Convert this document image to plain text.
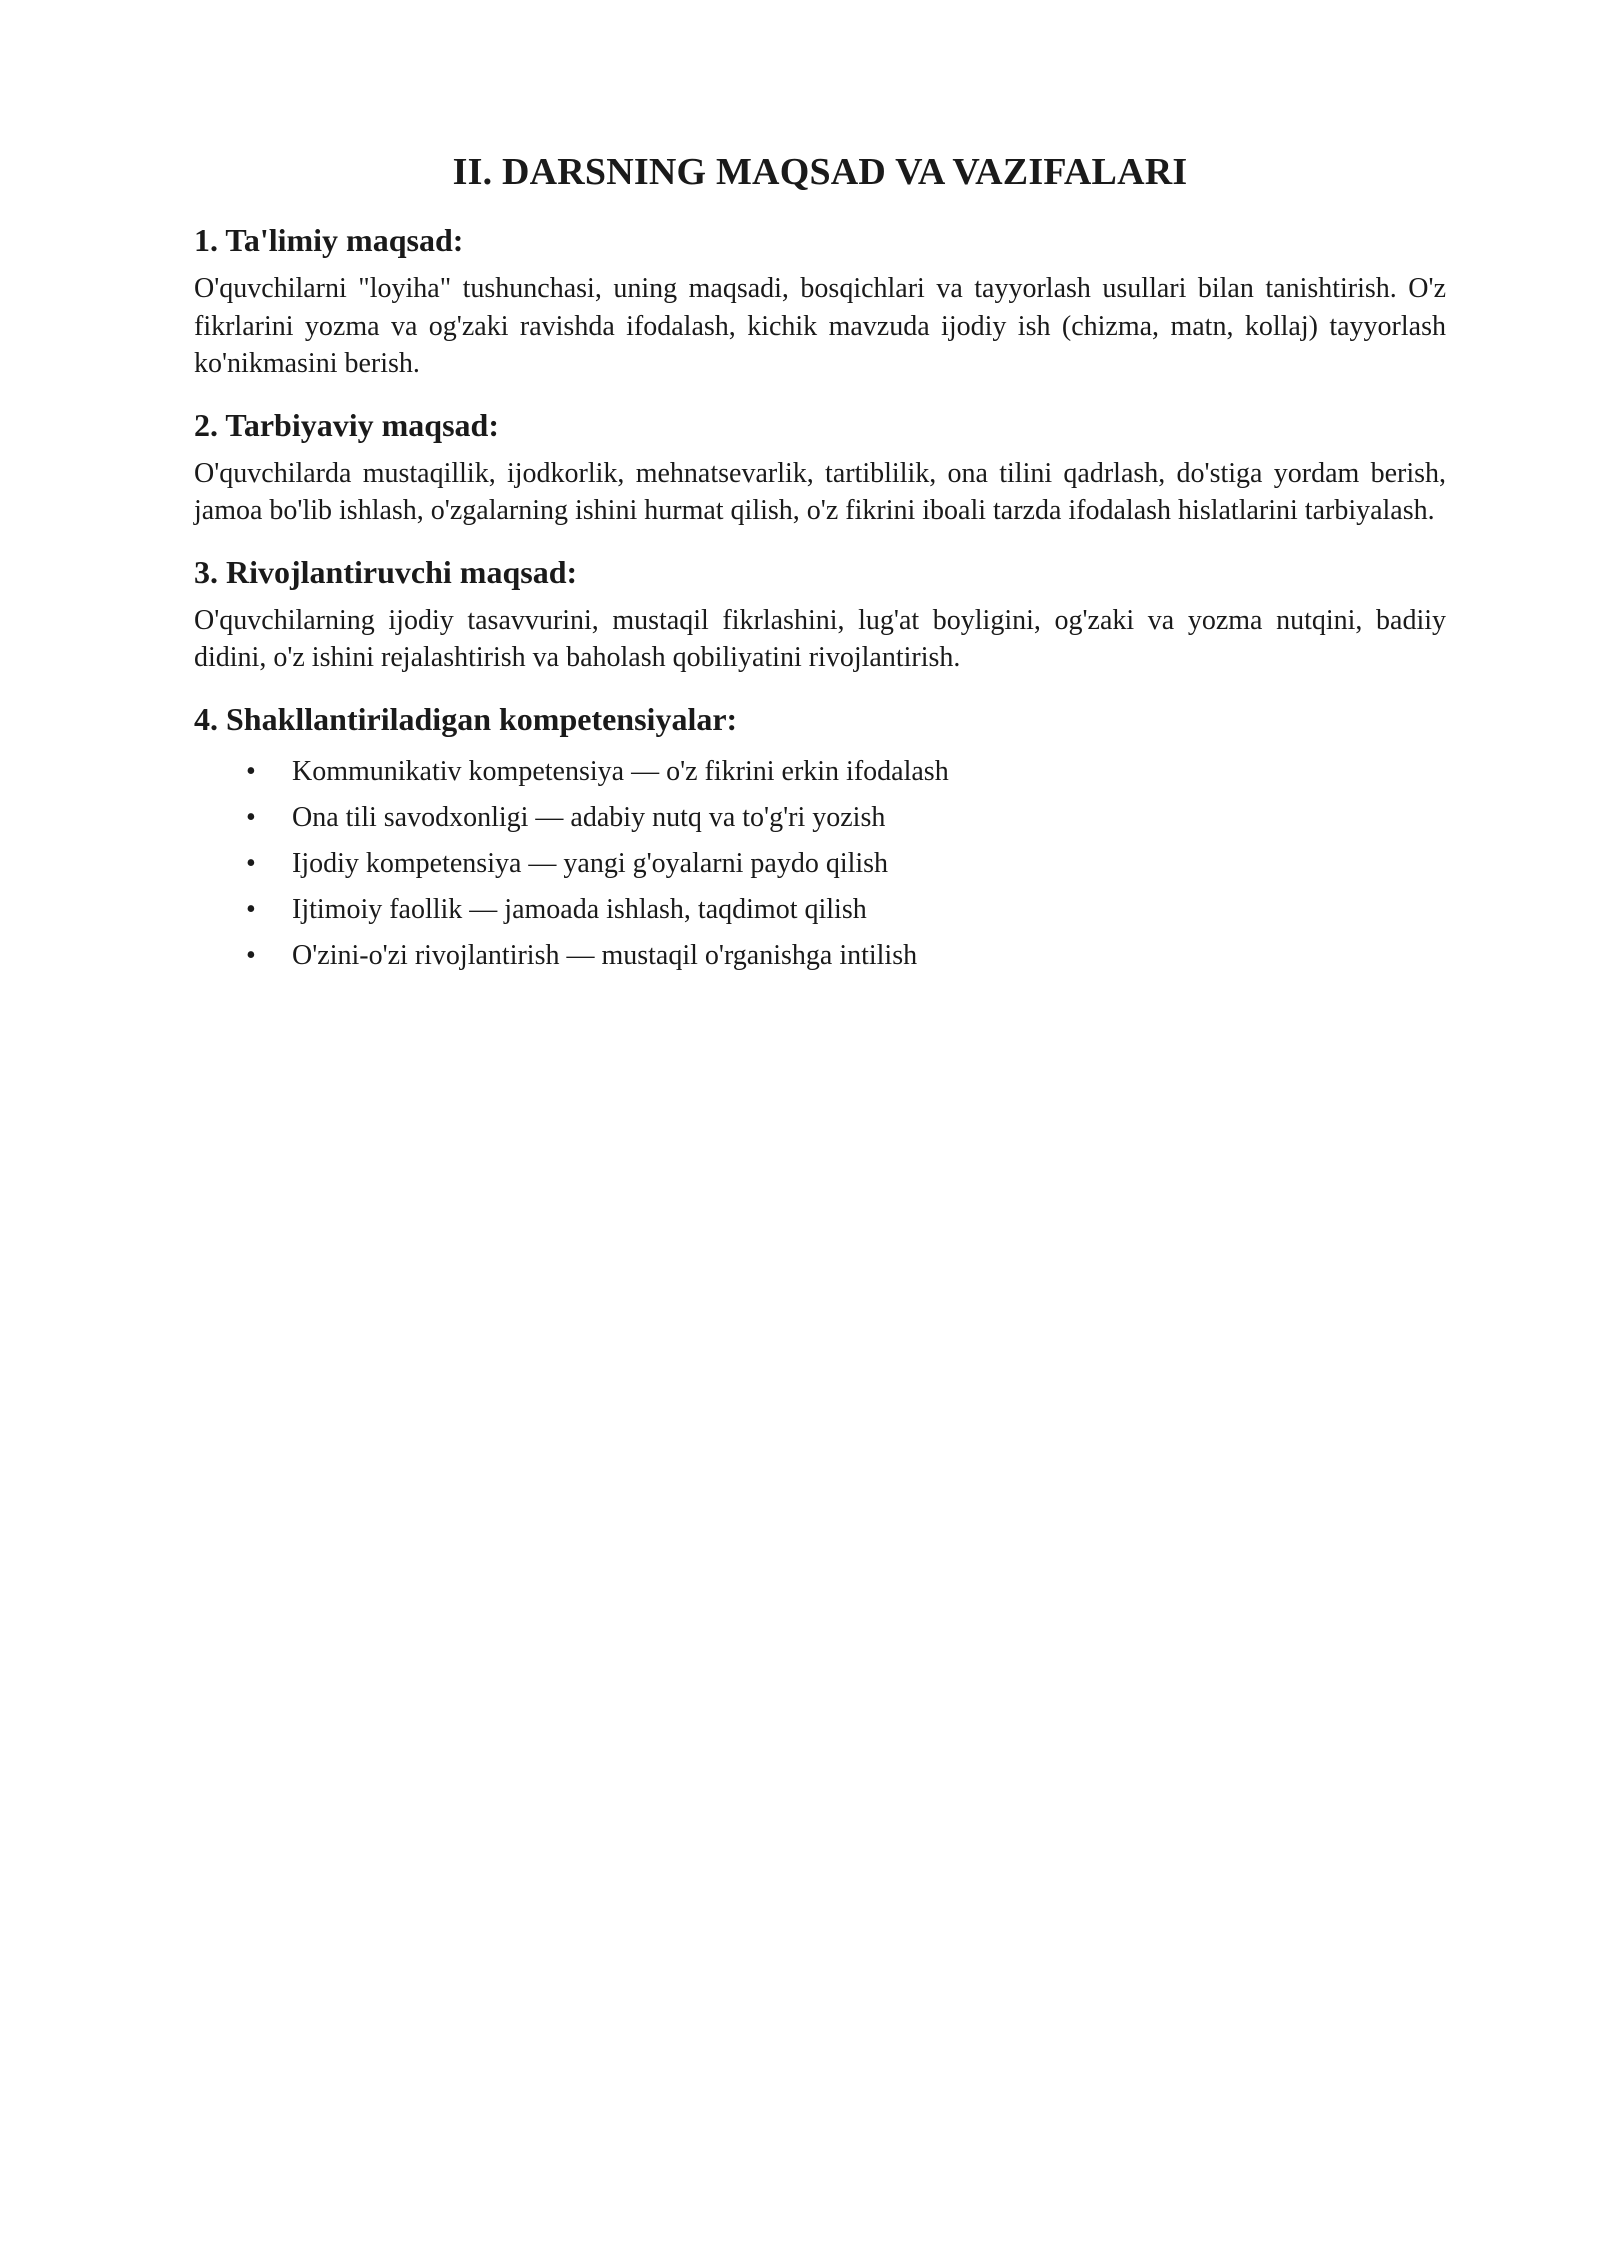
II. DARSNING MAQSAD VA VAZIFALARI
1. Ta'limiy maqsad:

O'quvchilarni "loyiha" tushunchasi, uning maqsadi, bosqichlari va tayyorlash usullari bilan tanishtirish. O'z fikrlarini yozma va og'zaki ravishda ifodalash, kichik mavzuda ijodiy ish (chizma, matn, kollaj) tayyorlash ko'nikmasini berish.

2. Tarbiyaviy maqsad:

O'quvchilarda mustaqillik, ijodkorlik, mehnatsevarlik, tartiblilik, ona tilini qadrlash, do'stiga yordam berish, jamoa bo'lib ishlash, o'zgalarning ishini hurmat qilish, o'z fikrini iboali tarzda ifodalash hislatlarini tarbiyalash.

3. Rivojlantiruvchi maqsad:

O'quvchilarning ijodiy tasavvurini, mustaqil fikrlashini, lug'at boyligini, og'zaki va yozma nutqini, badiiy didini, o'z ishini rejalashtirish va baholash qobiliyatini rivojlantirish.

4. Shakllantiriladigan kompetensiyalar:
•	Kommunikativ kompetensiya — o'z fikrini erkin ifodalash
•	Ona tili savodxonligi — adabiy nutq va to'g'ri yozish
•	Ijodiy kompetensiya — yangi g'oyalarni paydo qilish
•	Ijtimoiy faollik — jamoada ishlash, taqdimot qilish
•	O'zini-o'zi rivojlantirish — mustaqil o'rganishga intilish
